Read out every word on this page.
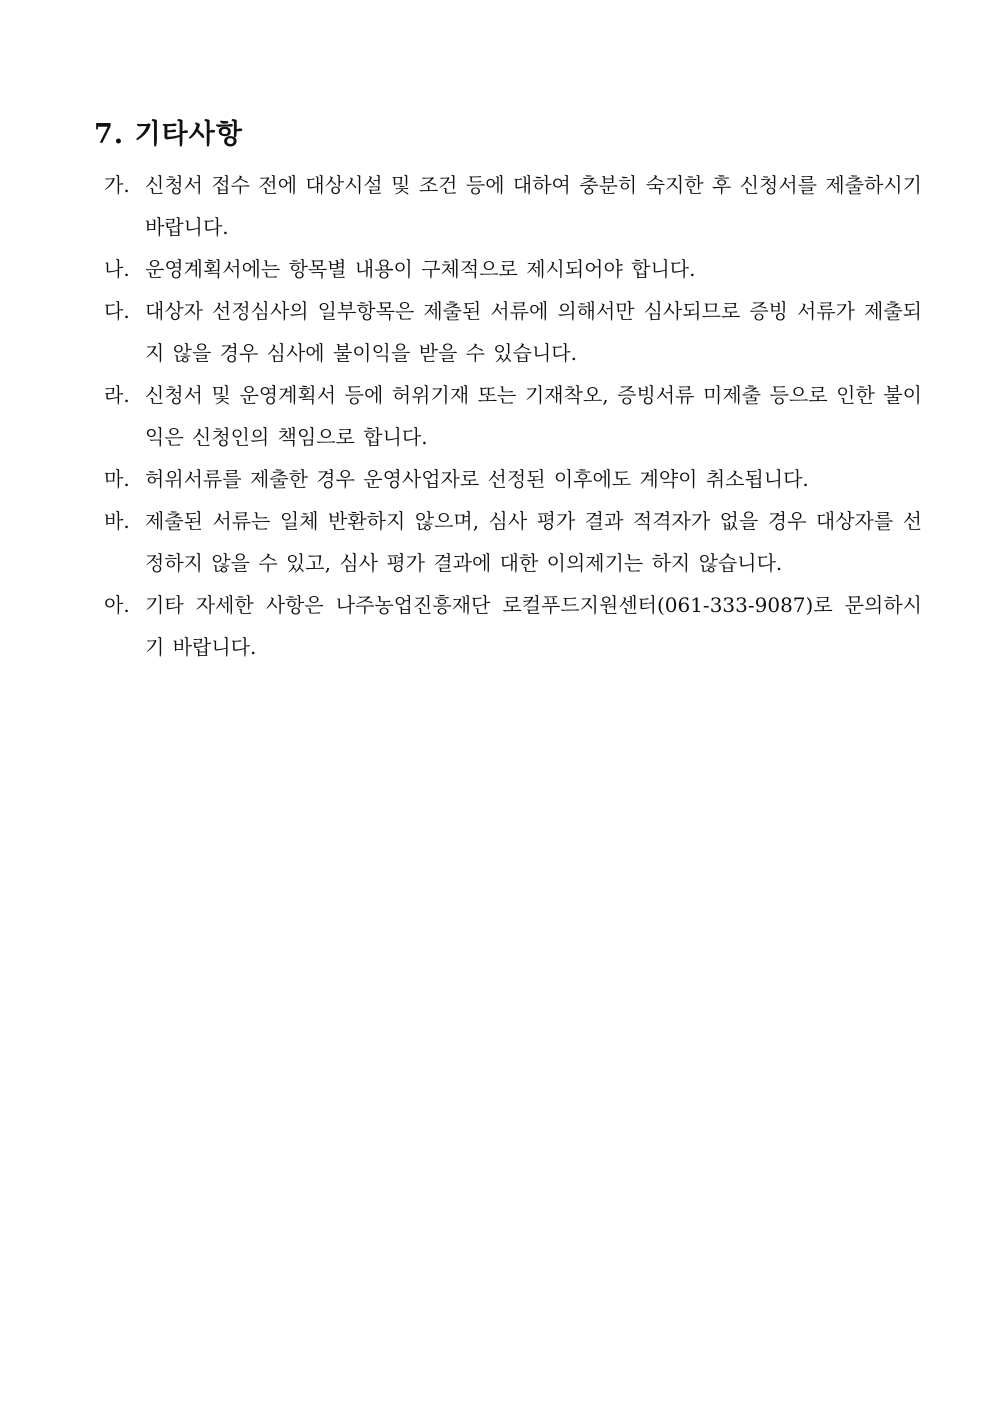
7. 기타사항
가. 신청서 접수 전에 대상시설 및 조건 등에 대하여 충분히 숙지한 후 신청서를 제출하시기 바랍니다.
나. 운영계획서에는 항목별 내용이 구체적으로 제시되어야 합니다.
다. 대상자 선정심사의 일부항목은 제출된 서류에 의해서만 심사되므로 증빙 서류가 제출되지 않을 경우 심사에 불이익을 받을 수 있습니다.
라. 신청서 및 운영계획서 등에 허위기재 또는 기재착오, 증빙서류 미제출 등으로 인한 불이익은 신청인의 책임으로 합니다.
마. 허위서류를 제출한 경우 운영사업자로 선정된 이후에도 계약이 취소됩니다.
바. 제출된 서류는 일체 반환하지 않으며, 심사 평가 결과 적격자가 없을 경우 대상자를 선정하지 않을 수 있고, 심사 평가 결과에 대한 이의제기는 하지 않습니다.
아. 기타 자세한 사항은 나주농업진흥재단 로컬푸드지원센터(061-333-9087)로 문의하시기 바랍니다.
